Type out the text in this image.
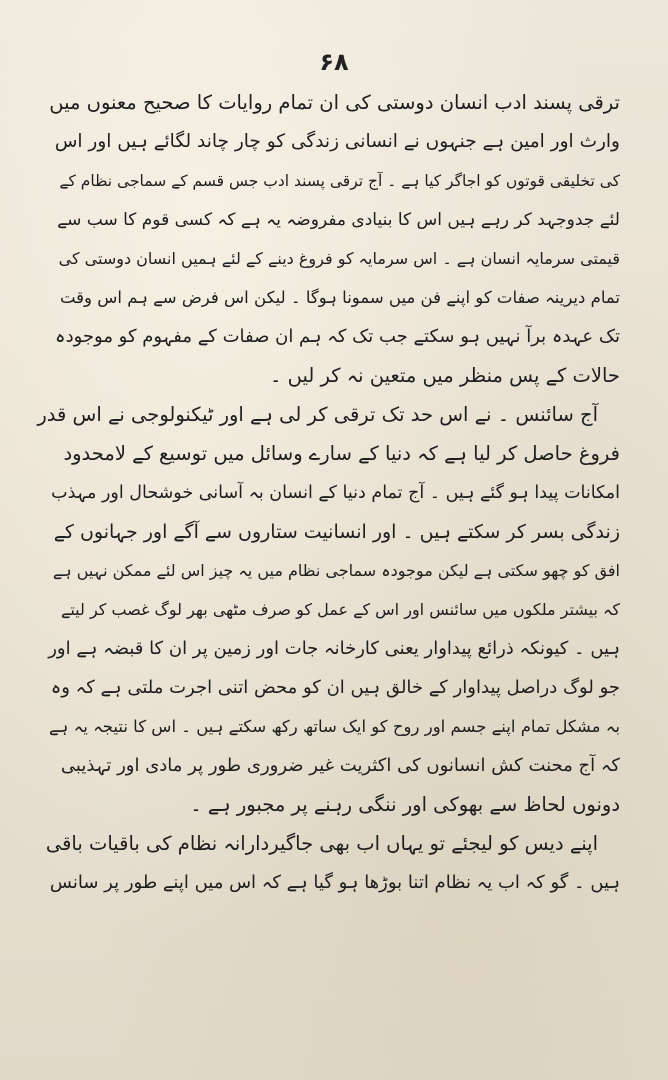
۶۸
ترقی پسند ادب انسان دوستی کی ان تمام روایات کا صحیح معنوں میں
وارث اور امین ہے جنہوں نے انسانی زندگی کو چار چاند لگائے ہیں اور اس
کی تخلیقی قوتوں کو اجاگر کیا ہے ۔ آج ترقی پسند ادب جس قسم کے سماجی نظام کے
لئے جدوجہد کر رہے ہیں اس کا بنیادی مفروضہ یہ ہے کہ کسی قوم کا سب سے
قیمتی سرمایہ انسان ہے ۔ اس سرمایہ کو فروغ دینے کے لئے ہمیں انسان دوستی کی
تمام دیرینہ صفات کو اپنے فن میں سمونا ہوگا ۔ لیکن اس فرض سے ہم اس وقت
تک عہدہ برآ نہیں ہو سکتے جب تک کہ ہم ان صفات کے مفہوم کو موجودہ
حالات کے پس منظر میں متعین نہ کر لیں ۔
آج سائنس ۔ نے اس حد تک ترقی کر لی ہے اور ٹیکنولوجی نے اس قدر
فروغ حاصل کر لیا ہے کہ دنیا کے سارے وسائل میں توسیع کے لامحدود
امکانات پیدا ہو گئے ہیں ۔ آج تمام دنیا کے انسان بہ آسانی خوشحال اور مہذب
زندگی بسر کر سکتے ہیں ۔ اور انسانیت ستاروں سے آگے اور جہانوں کے
افق کو چھو سکتی ہے لیکن موجودہ سماجی نظام میں یہ چیز اس لئے ممکن نہیں ہے
کہ بیشتر ملکوں میں سائنس اور اس کے عمل کو صرف مٹھی بھر لوگ غصب کر لیتے
ہیں ۔ کیونکہ ذرائع پیداوار یعنی کارخانہ جات اور زمین پر ان کا قبضہ ہے اور
جو لوگ دراصل پیداوار کے خالق ہیں ان کو محض اتنی اجرت ملتی ہے کہ وہ
بہ مشکل تمام اپنے جسم اور روح کو ایک ساتھ رکھ سکتے ہیں ۔ اس کا نتیجہ یہ ہے
کہ آج محنت کش انسانوں کی اکثریت غیر ضروری طور پر مادی اور تہذیبی
دونوں لحاظ سے بھوکی اور ننگی رہنے پر مجبور ہے ۔
اپنے دیس کو لیجئے تو یہاں اب بھی جاگیردارانہ نظام کی باقیات باقی
ہیں ۔ گو کہ اب یہ نظام اتنا بوڑھا ہو گیا ہے کہ اس میں اپنے طور پر سانس
